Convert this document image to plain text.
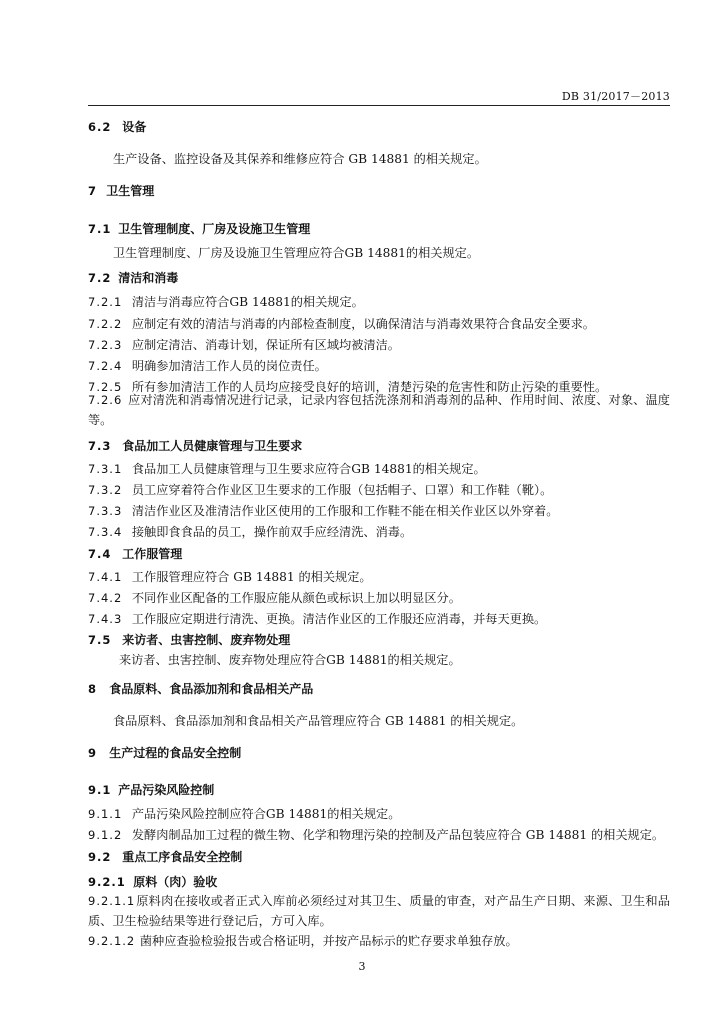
DB 31/2017－2013
6.2 设备
生产设备、监控设备及其保养和维修应符合 GB 14881 的相关规定。
7 卫生管理
7.1 卫生管理制度、厂房及设施卫生管理
卫生管理制度、厂房及设施卫生管理应符合GB 14881的相关规定。
7.2 清洁和消毒
7.2.1 清洁与消毒应符合GB 14881的相关规定。
7.2.2 应制定有效的清洁与消毒的内部检查制度，以确保清洁与消毒效果符合食品安全要求。
7.2.3 应制定清洁、消毒计划，保证所有区域均被清洁。
7.2.4 明确参加清洁工作人员的岗位责任。
7.2.5 所有参加清洁工作的人员均应接受良好的培训，清楚污染的危害性和防止污染的重要性。
7.2.6 应对清洗和消毒情况进行记录，记录内容包括洗涤剂和消毒剂的品种、作用时间、浓度、对象、温度等。
7.3 食品加工人员健康管理与卫生要求
7.3.1 食品加工人员健康管理与卫生要求应符合GB 14881的相关规定。
7.3.2 员工应穿着符合作业区卫生要求的工作服（包括帽子、口罩）和工作鞋（靴）。
7.3.3 清洁作业区及准清洁作业区使用的工作服和工作鞋不能在相关作业区以外穿着。
7.3.4 接触即食食品的员工，操作前双手应经清洗、消毒。
7.4 工作服管理
7.4.1 工作服管理应符合 GB 14881 的相关规定。
7.4.2 不同作业区配备的工作服应能从颜色或标识上加以明显区分。
7.4.3 工作服应定期进行清洗、更换。清洁作业区的工作服还应消毒，并每天更换。
7.5 来访者、虫害控制、废弃物处理
来访者、虫害控制、废弃物处理应符合GB 14881的相关规定。
8 食品原料、食品添加剂和食品相关产品
食品原料、食品添加剂和食品相关产品管理应符合 GB 14881 的相关规定。
9 生产过程的食品安全控制
9.1 产品污染风险控制
9.1.1 产品污染风险控制应符合GB 14881的相关规定。
9.1.2 发酵肉制品加工过程的微生物、化学和物理污染的控制及产品包装应符合 GB 14881 的相关规定。
9.2 重点工序食品安全控制
9.2.1 原料（肉）验收
9.2.1.1原料肉在接收或者正式入库前必须经过对其卫生、质量的审查，对产品生产日期、来源、卫生和品质、卫生检验结果等进行登记后，方可入库。
9.2.1.2 菌种应查验检验报告或合格证明，并按产品标示的贮存要求单独存放。
3
